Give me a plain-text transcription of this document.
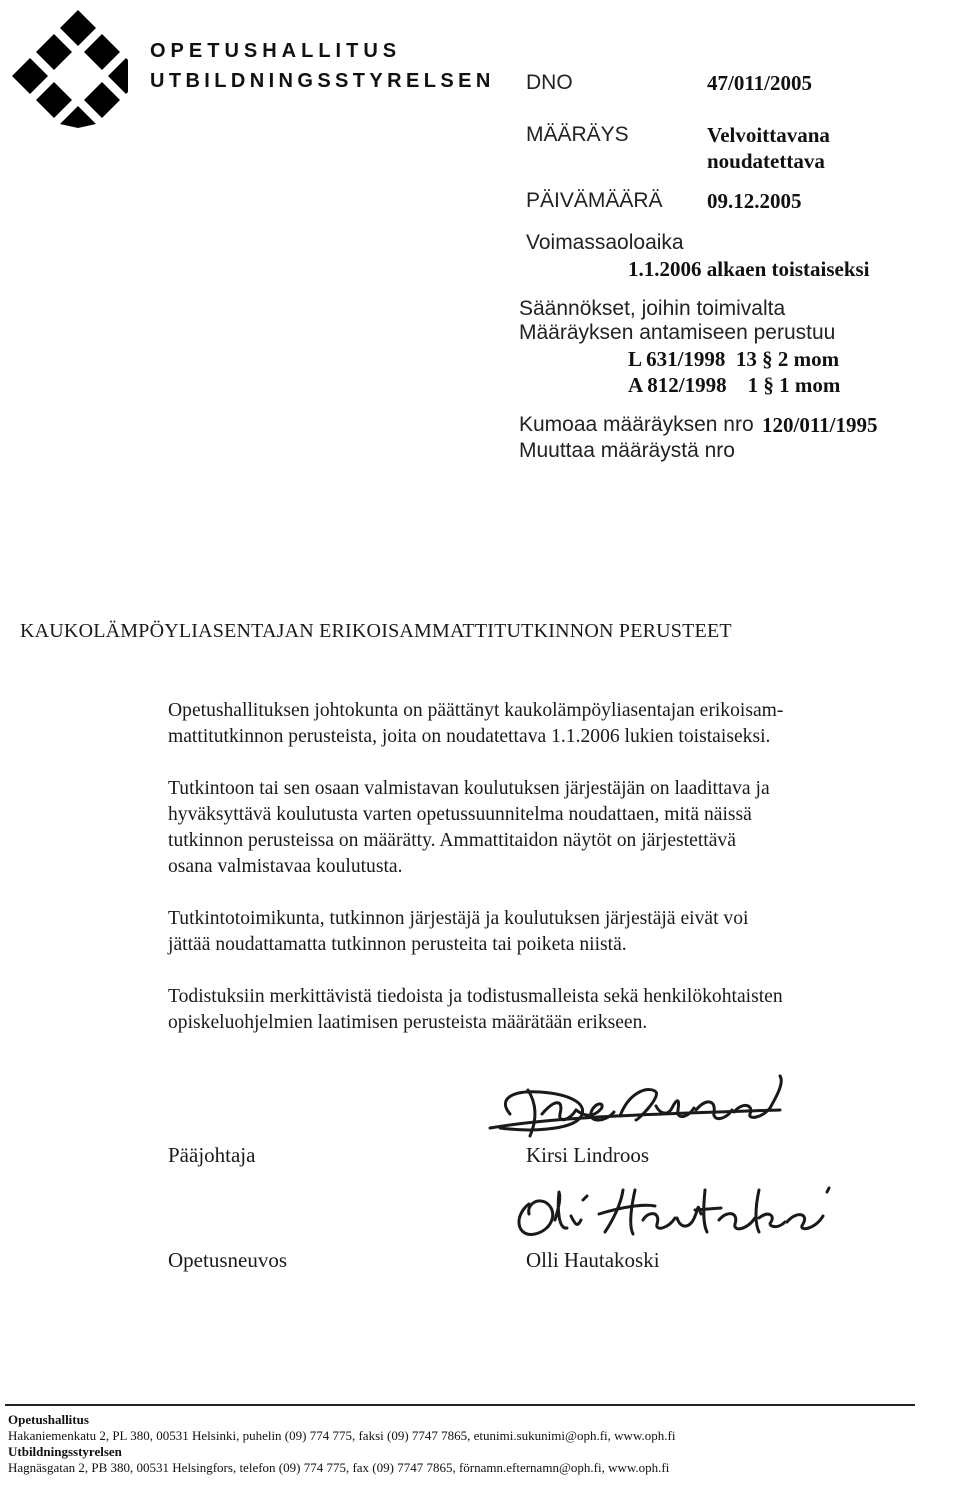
OPETUSHALLITUS
UTBILDNINGSSTYRELSEN DNO	47/011/2005
MÄÄRÄYS	Velvoittavana
noudatettava
PÄIVÄMÄÄRÄ 09.12.2005
Voimassaoloaika
1.1.2006 alkaen toistaiseksi
Säännökset, joihin toimivalta
Määräyksen antamiseen perustuu
L 631/1998  13 § 2 mom
A 812/1998    1 § 1 mom
Kumoaa määräyksen nro 120/011/1995
Muuttaa määräystä nro
KAUKOLÄMPÖYLIASENTAJAN ERIKOISAMMATTITUTKINNON PERUSTEET

Opetushallituksen johtokunta on päättänyt kaukolämpöyliasentajan erikoisam-

mattitutkinnon perusteista, joita on noudatettava 1.1.2006 lukien toistaiseksi.

Tutkintoon tai sen osaan valmistavan koulutuksen järjestäjän on laadittava ja

hyväksyttävä koulutusta varten opetussuunnitelma noudattaen, mitä näissä

tutkinnon perusteissa on määrätty. Ammattitaidon näytöt on järjestettävä

osana valmistavaa koulutusta.

Tutkintotoimikunta, tutkinnon järjestäjä ja koulutuksen järjestäjä eivät voi

jättää noudattamatta tutkinnon perusteita tai poiketa niistä.

Todistuksiin merkittävistä tiedoista ja todistusmalleista sekä henkilökohtaisten

opiskeluohjelmien laatimisen perusteista määrätään erikseen.

Pääjohtaja	Kirsi Lindroos
Opetusneuvos	Olli Hautakoski
Opetushallitus
Hakaniemenkatu 2, PL 380, 00531 Helsinki, puhelin (09) 774 775, faksi (09) 7747 7865, etunimi.sukunimi@oph.fi, www.oph.fi
Utbildningsstyrelsen
Hagnäsgatan 2, PB 380, 00531 Helsingfors, telefon (09) 774 775, fax (09) 7747 7865, förnamn.efternamn@oph.fi, www.oph.fi
